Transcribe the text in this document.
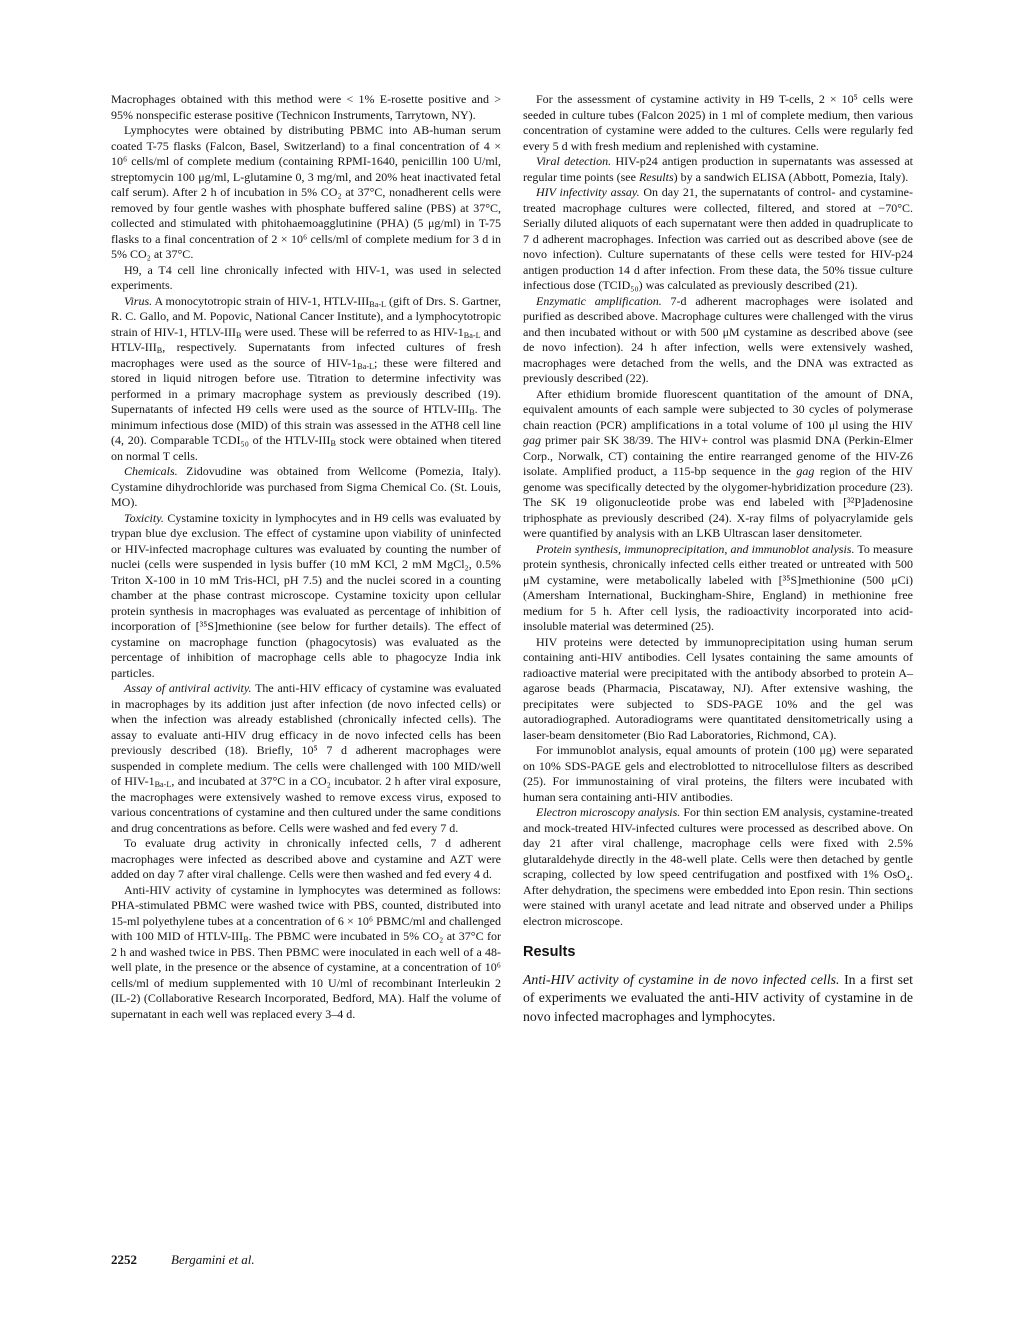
Macrophages obtained with this method were < 1% E-rosette positive and > 95% nonspecific esterase positive (Technicon Instruments, Tarrytown, NY).

Lymphocytes were obtained by distributing PBMC into AB-human serum coated T-75 flasks (Falcon, Basel, Switzerland) to a final concentration of 4 × 10⁶ cells/ml of complete medium (containing RPMI-1640, penicillin 100 U/ml, streptomycin 100 μg/ml, L-glutamine 0, 3 mg/ml, and 20% heat inactivated fetal calf serum). After 2 h of incubation in 5% CO₂ at 37°C, nonadherent cells were removed by four gentle washes with phosphate buffered saline (PBS) at 37°C, collected and stimulated with phitohaemoagglutinine (PHA) (5 μg/ml) in T-75 flasks to a final concentration of 2 × 10⁶ cells/ml of complete medium for 3 d in 5% CO₂ at 37°C.

H9, a T4 cell line chronically infected with HIV-1, was used in selected experiments.

Virus. A monocytotropic strain of HIV-1, HTLV-$III_{Ba-L}$ (gift of Drs. S. Gartner, R. C. Gallo, and M. Popovic, National Cancer Institute), and a lymphocytotropic strain of HIV-1, HTLV-$III_B$ were used. These will be referred to as HIV-$1_{Ba-L}$ and HTLV-$III_B$, respectively. Supernatants from infected cultures of fresh macrophages were used as the source of HIV-$1_{Ba-L}$; these were filtered and stored in liquid nitrogen before use. Titration to determine infectivity was performed in a primary macrophage system as previously described (19). Supernatants of infected H9 cells were used as the source of HTLV-$III_B$. The minimum infectious dose (MID) of this strain was assessed in the ATH8 cell line (4, 20). Comparable TCDI₅₀ of the HTLV-$III_B$ stock were obtained when titered on normal T cells.

Chemicals. Zidovudine was obtained from Wellcome (Pomezia, Italy). Cystamine dihydrochloride was purchased from Sigma Chemical Co. (St. Louis, MO).

Toxicity. Cystamine toxicity in lymphocytes and in H9 cells was evaluated by trypan blue dye exclusion. The effect of cystamine upon viability of uninfected or HIV-infected macrophage cultures was evaluated by counting the number of nuclei (cells were suspended in lysis buffer (10 mM KCl, 2 mM MgCl₂, 0.5% Triton X-100 in 10 mM Tris-HCl, pH 7.5) and the nuclei scored in a counting chamber at the phase contrast microscope. Cystamine toxicity upon cellular protein synthesis in macrophages was evaluated as percentage of inhibition of incorporation of [³⁵S]methionine (see below for further details). The effect of cystamine on macrophage function (phagocytosis) was evaluated as the percentage of inhibition of macrophage cells able to phagocyze India ink particles.

Assay of antiviral activity. The anti-HIV efficacy of cystamine was evaluated in macrophages by its addition just after infection (de novo infected cells) or when the infection was already established (chronically infected cells). The assay to evaluate anti-HIV drug efficacy in de novo infected cells has been previously described (18). Briefly, 10⁵ 7 d adherent macrophages were suspended in complete medium. The cells were challenged with 100 MID/well of HIV-$1_{Ba-L}$, and incubated at 37°C in a CO₂ incubator. 2 h after viral exposure, the macrophages were extensively washed to remove excess virus, exposed to various concentrations of cystamine and then cultured under the same conditions and drug concentrations as before. Cells were washed and fed every 7 d.

To evaluate drug activity in chronically infected cells, 7 d adherent macrophages were infected as described above and cystamine and AZT were added on day 7 after viral challenge. Cells were then washed and fed every 4 d.

Anti-HIV activity of cystamine in lymphocytes was determined as follows: PHA-stimulated PBMC were washed twice with PBS, counted, distributed into 15-ml polyethylene tubes at a concentration of 6 × 10⁶ PBMC/ml and challenged with 100 MID of HTLV-$III_B$. The PBMC were incubated in 5% CO₂ at 37°C for 2 h and washed twice in PBS. Then PBMC were inoculated in each well of a 48-well plate, in the presence or the absence of cystamine, at a concentration of 10⁶ cells/ml of medium supplemented with 10 U/ml of recombinant Interleukin 2 (IL-2) (Collaborative Research Incorporated, Bedford, MA). Half the volume of supernatant in each well was replaced every 3–4 d.

For the assessment of cystamine activity in H9 T-cells, 2 × 10⁵ cells were seeded in culture tubes (Falcon 2025) in 1 ml of complete medium, then various concentration of cystamine were added to the cultures. Cells were regularly fed every 5 d with fresh medium and replenished with cystamine.

Viral detection. HIV-p24 antigen production in supernatants was assessed at regular time points (see Results) by a sandwich ELISA (Abbott, Pomezia, Italy).

HIV infectivity assay. On day 21, the supernatants of control- and cystamine-treated macrophage cultures were collected, filtered, and stored at −70°C. Serially diluted aliquots of each supernatant were then added in quadruplicate to 7 d adherent macrophages. Infection was carried out as described above (see de novo infection). Culture supernatants of these cells were tested for HIV-p24 antigen production 14 d after infection. From these data, the 50% tissue culture infectious dose (TCID₅₀) was calculated as previously described (21).

Enzymatic amplification. 7-d adherent macrophages were isolated and purified as described above. Macrophage cultures were challenged with the virus and then incubated without or with 500 μM cystamine as described above (see de novo infection). 24 h after infection, wells were extensively washed, macrophages were detached from the wells, and the DNA was extracted as previously described (22).

After ethidium bromide fluorescent quantitation of the amount of DNA, equivalent amounts of each sample were subjected to 30 cycles of polymerase chain reaction (PCR) amplifications in a total volume of 100 μl using the HIV gag primer pair SK 38/39. The HIV+ control was plasmid DNA (Perkin-Elmer Corp., Norwalk, CT) containing the entire rearranged genome of the HIV-Z6 isolate. Amplified product, a 115-bp sequence in the gag region of the HIV genome was specifically detected by the olygomer-hybridization procedure (23). The SK 19 oligonucleotide probe was end labeled with [³²P]adenosine triphosphate as previously described (24). X-ray films of polyacrylamide gels were quantified by analysis with an LKB Ultrascan laser densitometer.

Protein synthesis, immunoprecipitation, and immunoblot analysis. To measure protein synthesis, chronically infected cells either treated or untreated with 500 μM cystamine, were metabolically labeled with [³⁵S]methionine (500 μCi) (Amersham International, Buckingham-Shire, England) in methionine free medium for 5 h. After cell lysis, the radioactivity incorporated into acid-insoluble material was determined (25).

HIV proteins were detected by immunoprecipitation using human serum containing anti-HIV antibodies. Cell lysates containing the same amounts of radioactive material were precipitated with the antibody absorbed to protein A–agarose beads (Pharmacia, Piscataway, NJ). After extensive washing, the precipitates were subjected to SDS-PAGE 10% and the gel was autoradiographed. Autoradiograms were quantitated densitometrically using a laser-beam densitometer (Bio Rad Laboratories, Richmond, CA).

For immunoblot analysis, equal amounts of protein (100 μg) were separated on 10% SDS-PAGE gels and electroblotted to nitrocellulose filters as described (25). For immunostaining of viral proteins, the filters were incubated with human sera containing anti-HIV antibodies.

Electron microscopy analysis. For thin section EM analysis, cystamine-treated and mock-treated HIV-infected cultures were processed as described above. On day 21 after viral challenge, macrophage cells were fixed with 2.5% glutaraldehyde directly in the 48-well plate. Cells were then detached by gentle scraping, collected by low speed centrifugation and postfixed with 1% OsO₄. After dehydration, the specimens were embedded into Epon resin. Thin sections were stained with uranyl acetate and lead nitrate and observed under a Philips electron microscope.

Results

Anti-HIV activity of cystamine in de novo infected cells. In a first set of experiments we evaluated the anti-HIV activity of cystamine in de novo infected macrophages and lymphocytes.

2252	Bergamini et al.
